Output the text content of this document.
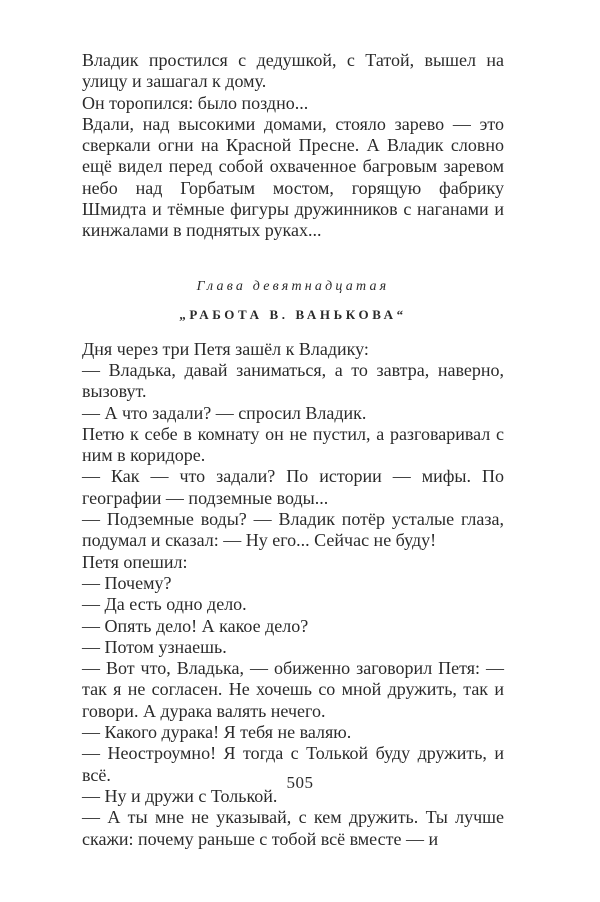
Владик простился с дедушкой, с Татой, вышел на улицу и зашагал к дому.

Он торопился: было поздно...

Вдали, над высокими домами, стояло зарево — это сверкали огни на Красной Пресне. А Владик словно ещё видел перед собой охваченное багровым заревом небо над Горбатым мостом, горящую фабрику Шмидта и тёмные фигуры дружинников с наганами и кинжалами в поднятых руках...

Глава девятнадцатая

„РАБОТА В. ВАНЬКОВА“

Дня через три Петя зашёл к Владику:

— Владька, давай заниматься, а то завтра, наверно, вызовут.

— А что задали? — спросил Владик.

Петю к себе в комнату он не пустил, а разговаривал с ним в коридоре.

— Как — что задали? По истории — мифы. По географии — подземные воды...

— Подземные воды? — Владик потёр усталые глаза, подумал и сказал: — Ну его... Сейчас не буду!

Петя опешил:

— Почему?

— Да есть одно дело.

— Опять дело! А какое дело?

— Потом узнаешь.

— Вот что, Владька, — обиженно заговорил Петя: — так я не согласен. Не хочешь со мной дружить, так и говори. А дурака валять нечего.

— Какого дурака! Я тебя не валяю.

— Неостроумно! Я тогда с Толькой буду дружить, и всё.

— Ну и дружи с Толькой.

— А ты мне не указывай, с кем дружить. Ты лучше скажи: почему раньше с тобой всё вместе — и

505
